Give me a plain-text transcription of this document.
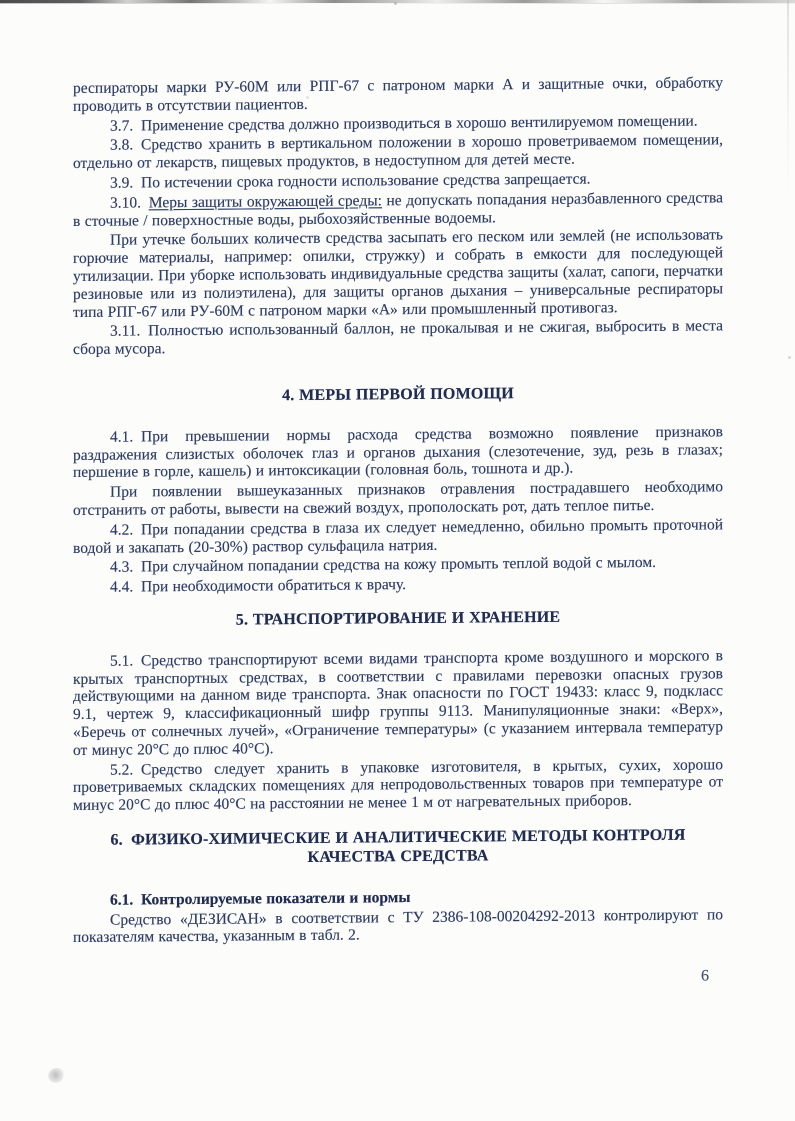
респираторы марки РУ-60М или РПГ-67 с патроном марки А и защитные очки, обработку проводить в отсутствии пациентов.

3.7. Применение средства должно производиться в хорошо вентилируемом помещении.

3.8. Средство хранить в вертикальном положении в хорошо проветриваемом помещении, отдельно от лекарств, пищевых продуктов, в недоступном для детей месте.

3.9. По истечении срока годности использование средства запрещается.

3.10. Меры защиты окружающей среды: не допускать попадания неразбавленного средства в сточные / поверхностные воды, рыбохозяйственные водоемы.

При утечке больших количеств средства засыпать его песком или землей (не использовать горючие материалы, например: опилки, стружку) и собрать в емкости для последующей утилизации. При уборке использовать индивидуальные средства защиты (халат, сапоги, перчатки резиновые или из полиэтилена), для защиты органов дыхания – универсальные респираторы типа РПГ-67 или РУ-60М с патроном марки «А» или промышленный противогаз.

3.11. Полностью использованный баллон, не прокалывая и не сжигая, выбросить в места сбора мусора.

4. МЕРЫ ПЕРВОЙ ПОМОЩИ

4.1. При превышении нормы расхода средства возможно появление признаков раздражения слизистых оболочек глаз и органов дыхания (слезотечение, зуд, резь в глазах; першение в горле, кашель) и интоксикации (головная боль, тошнота и др.).

При появлении вышеуказанных признаков отравления пострадавшего необходимо отстранить от работы, вывести на свежий воздух, прополоскать рот, дать теплое питье.

4.2. При попадании средства в глаза их следует немедленно, обильно промыть проточной водой и закапать (20-30%) раствор сульфацила натрия.

4.3. При случайном попадании средства на кожу промыть теплой водой с мылом.

4.4. При необходимости обратиться к врачу.

5. ТРАНСПОРТИРОВАНИЕ И ХРАНЕНИЕ

5.1. Средство транспортируют всеми видами транспорта кроме воздушного и морского в крытых транспортных средствах, в соответствии с правилами перевозки опасных грузов действующими на данном виде транспорта. Знак опасности по ГОСТ 19433: класс 9, подкласс 9.1, чертеж 9, классификационный шифр группы 9113. Манипуляционные знаки: «Верх», «Беречь от солнечных лучей», «Ограничение температуры» (с указанием интервала температур от минус 20°С до плюс 40°С).

5.2. Средство следует хранить в упаковке изготовителя, в крытых, сухих, хорошо проветриваемых складских помещениях для непродовольственных товаров при температуре от минус 20°С до плюс 40°С на расстоянии не менее 1 м от нагревательных приборов.

6. ФИЗИКО-ХИМИЧЕСКИЕ И АНАЛИТИЧЕСКИЕ МЕТОДЫ КОНТРОЛЯ
КАЧЕСТВА СРЕДСТВА
6.1. Контролируемые показатели и нормы

Средство «ДЕЗИСАН» в соответствии с ТУ 2386-108-00204292-2013 контролируют по показателям качества, указанным в табл. 2.

6
